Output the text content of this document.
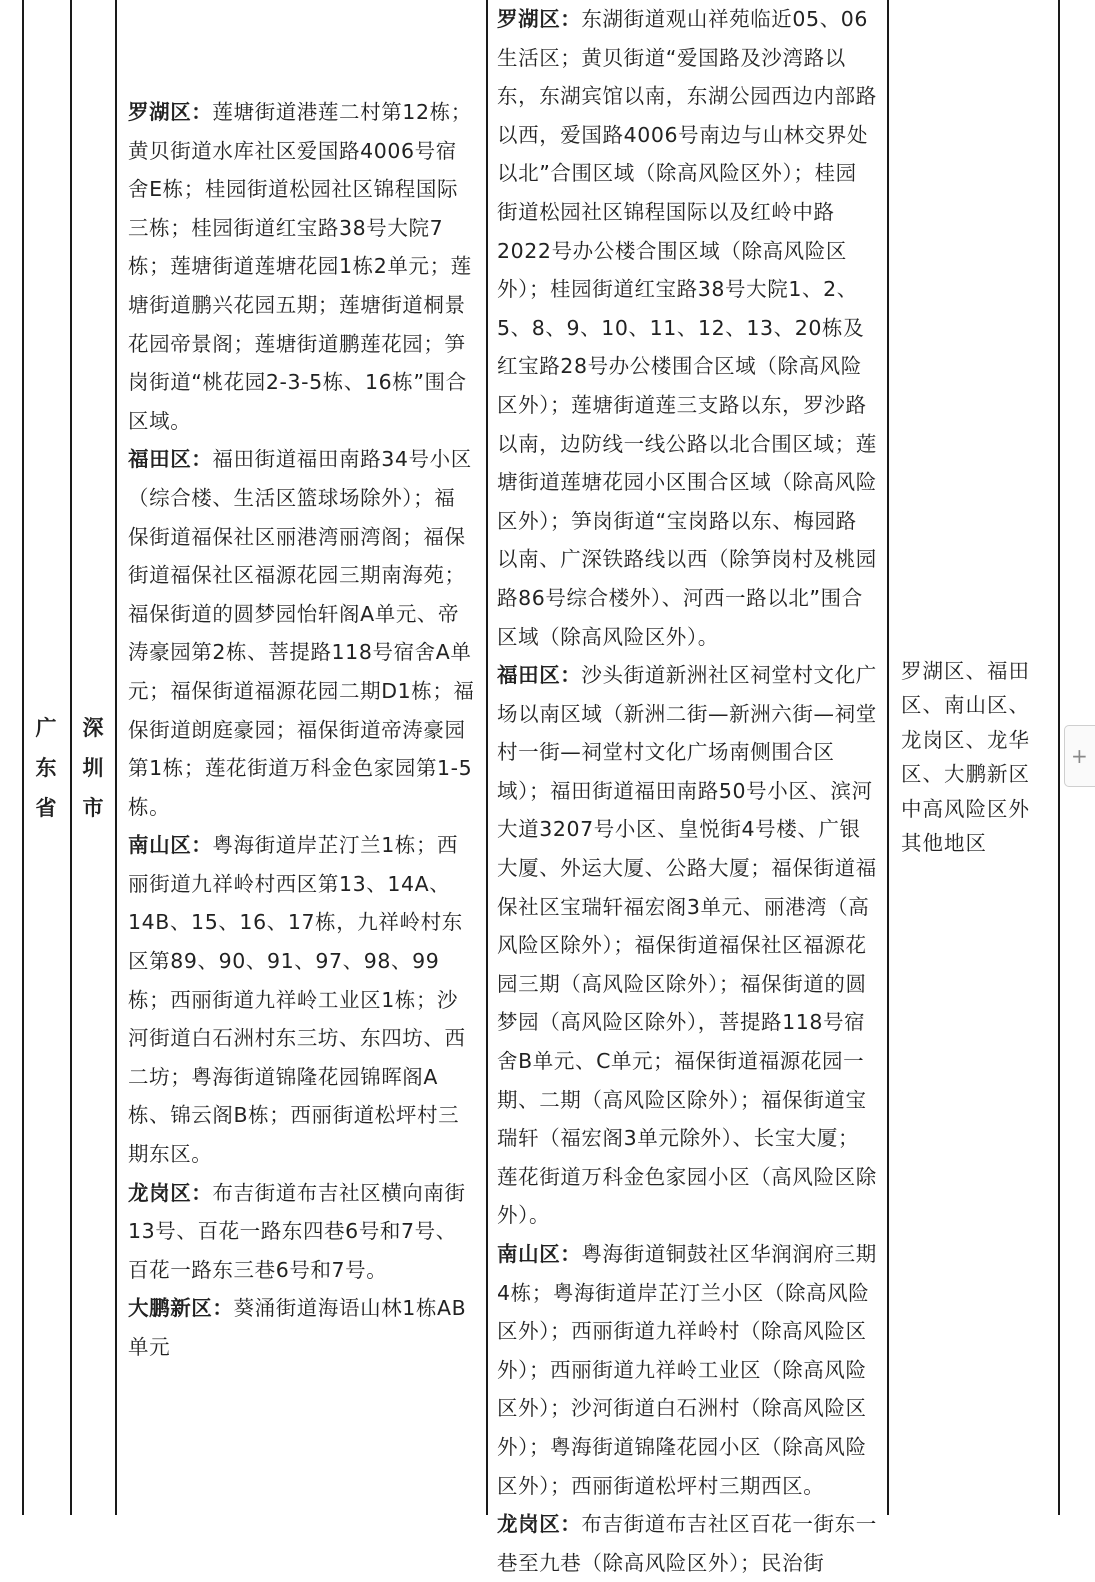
广
东
省
深
圳
市

罗湖区：莲塘街道港莲二村第12栋；黄贝街道水库社区爱国路4006号宿舍E栋；桂园街道松园社区锦程国际三栋；桂园街道红宝路38号大院7栋；莲塘街道莲塘花园1栋2单元；莲塘街道鹏兴花园五期；莲塘街道桐景花园帝景阁；莲塘街道鹏莲花园；笋岗街道“桃花园2-3-5栋、16栋”围合区域。

福田区：福田街道福田南路34号小区（综合楼、生活区篮球场除外）；福保街道福保社区丽港湾丽湾阁；福保街道福保社区福源花园三期南海苑；福保街道的圆梦园怡轩阁A单元、帝涛豪园第2栋、菩提路118号宿舍A单元；福保街道福源花园二期D1栋；福保街道朗庭豪园；福保街道帝涛豪园第1栋；莲花街道万科金色家园第1-5栋。

南山区：粤海街道岸芷汀兰1栋；西丽街道九祥岭村西区第13、14A、14B、15、16、17栋，九祥岭村东区第89、90、91、97、98、99栋；西丽街道九祥岭工业区1栋；沙河街道白石洲村东三坊、东四坊、西二坊；粤海街道锦隆花园锦晖阁A栋、锦云阁B栋；西丽街道松坪村三期东区。

龙岗区：布吉街道布吉社区横向南街13号、百花一路东四巷6号和7号、百花一路东三巷6号和7号。

大鹏新区：葵涌街道海语山林1栋AB单元

罗湖区：东湖街道观山祥苑临近05、06生活区；黄贝街道“爱国路及沙湾路以东，东湖宾馆以南，东湖公园西边内部路以西，爱国路4006号南边与山林交界处以北”合围区域（除高风险区外）；桂园街道松园社区锦程国际以及红岭中路2022号办公楼合围区域（除高风险区外）；桂园街道红宝路38号大院1、2、5、8、9、10、11、12、13、20栋及红宝路28号办公楼围合区域（除高风险区外）；莲塘街道莲三支路以东，罗沙路以南，边防线一线公路以北合围区域；莲塘街道莲塘花园小区围合区域（除高风险区外）；笋岗街道“宝岗路以东、梅园路以南、广深铁路线以西（除笋岗村及桃园路86号综合楼外）、河西一路以北”围合区域（除高风险区外）。

福田区：沙头街道新洲社区祠堂村文化广场以南区域（新洲二街—新洲六街—祠堂村一街—祠堂村文化广场南侧围合区域）；福田街道福田南路50号小区、滨河大道3207号小区、皇悦街4号楼、广银大厦、外运大厦、公路大厦；福保街道福保社区宝瑞轩福宏阁3单元、丽港湾（高风险区除外）；福保街道福保社区福源花园三期（高风险区除外）；福保街道的圆梦园（高风险区除外），菩提路118号宿舍B单元、C单元；福保街道福源花园一期、二期（高风险区除外）；福保街道宝瑞轩（福宏阁3单元除外）、长宝大厦；莲花街道万科金色家园小区（高风险区除外）。

南山区：粤海街道铜鼓社区华润润府三期4栋；粤海街道岸芷汀兰小区（除高风险区外）；西丽街道九祥岭村（除高风险区外）；西丽街道九祥岭工业区（除高风险区外）；沙河街道白石洲村（除高风险区外）；粤海街道锦隆花园小区（除高风险区外）；西丽街道松坪村三期西区。

龙岗区：布吉街道布吉社区百花一街东一巷至九巷（除高风险区外）；民治街

罗湖区、福田区、南山区、龙岗区、龙华区、大鹏新区中高风险区外其他地区

+
